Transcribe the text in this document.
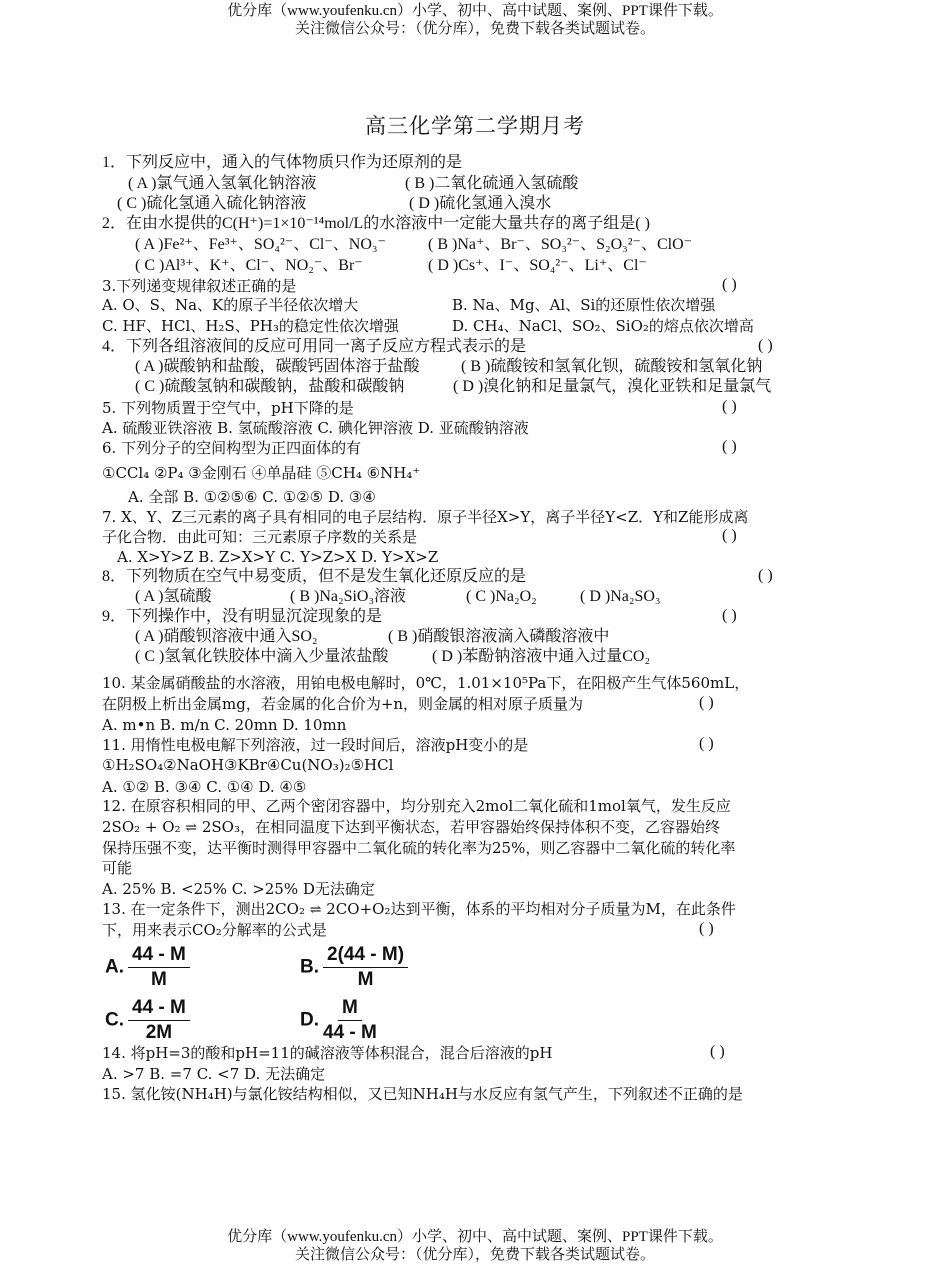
优分库（www.youfenku.cn）小学、初中、高中试题、案例、PPT课件下载。
关注微信公众号：（优分库），免费下载各类试题试卷。
高三化学第二学期月考
1．下列反应中，通入的气体物质只作为还原剂的是
( A )氯气通入氢氧化钠溶液	( B )二氧化硫通入氢硫酸
( C )硫化氢通入硫化钠溶液	( D )硫化氢通入溴水
2．在由水提供的C(H⁺)=1×10⁻¹⁴mol/L的水溶液中一定能大量共存的离子组是( )
( A )Fe²⁺、Fe³⁺、SO₄²⁻、Cl⁻、NO₃⁻	( B )Na⁺、Br⁻、SO₃²⁻、S₂O₃²⁻、ClO⁻
( C )Al³⁺、K⁺、Cl⁻、NO₂⁻、Br⁻	( D )Cs⁺、I⁻、SO₄²⁻、Li⁺、Cl⁻
3.下列递变规律叙述正确的是	( )
A. O、S、Na、K的原子半径依次增大	B. Na、Mg、Al、Si的还原性依次增强
C. HF、HCl、H₂S、PH₃的稳定性依次增强	D. CH₄、NaCl、SO₂、SiO₂的熔点依次增高
4．下列各组溶液间的反应可用同一离子反应方程式表示的是	( )
( A )碳酸钠和盐酸，碳酸钙固体溶于盐酸	( B )硫酸铵和氢氧化钡，硫酸铵和氢氧化钠
( C )硫酸氢钠和碳酸钠，盐酸和碳酸钠	( D )溴化钠和足量氯气，溴化亚铁和足量氯气
5. 下列物质置于空气中，pH下降的是	( )
A. 硫酸亚铁溶液 B. 氢硫酸溶液 C. 碘化钾溶液 D. 亚硫酸钠溶液
6. 下列分子的空间构型为正四面体的有	( )
①CCl₄ ②P₄ ③金刚石 ④单晶硅 ⑤CH₄ ⑥NH₄⁺
A. 全部 B. ①②⑤⑥ C. ①②⑤ D. ③④
7. X、Y、Z三元素的离子具有相同的电子层结构．原子半径X>Y，离子半径Y<Z．Y和Z能形成离
子化合物．由此可知：三元素原子序数的关系是	( )
A. X>Y>Z B. Z>X>Y C. Y>Z>X D. Y>X>Z
8．下列物质在空气中易变质，但不是发生氧化还原反应的是	( )
( A )氢硫酸	( B )Na₂SiO₃溶液	( C )Na₂O₂	( D )Na₂SO₃
9．下列操作中，没有明显沉淀现象的是	( )
( A )硝酸钡溶液中通入SO₂	( B )硝酸银溶液滴入磷酸溶液中
( C )氢氧化铁胶体中滴入少量浓盐酸	( D )苯酚钠溶液中通入过量CO₂
10. 某金属硝酸盐的水溶液，用铂电极电解时，0℃，1.01×10⁵Pa下，在阳极产生气体560mL，
在阴极上析出金属mg，若金属的化合价为+n，则金属的相对原子质量为	( )
A. m•n B. m/n C. 20mn D. 10mn
11. 用惰性电极电解下列溶液，过一段时间后，溶液pH变小的是	( )
①H₂SO₄②NaOH③KBr④Cu(NO₃)₂⑤HCl
A. ①② B. ③④ C. ①④ D. ④⑤
12. 在原容积相同的甲、乙两个密闭容器中，均分别充入2mol二氧化硫和1mol氧气，发生反应
2SO₂ + O₂ ⇌ 2SO₃，在相同温度下达到平衡状态，若甲容器始终保持体积不变，乙容器始终
保持压强不变，达平衡时测得甲容器中二氧化硫的转化率为25%，则乙容器中二氧化硫的转化率
可能
A. 25% B. <25% C. >25% D无法确定
13. 在一定条件下，测出2CO₂ ⇌ 2CO+O₂达到平衡，体系的平均相对分子质量为M，在此条件
下，用来表示CO₂分解率的公式是	( )
A. $\frac{44 - M}{M}$	B. $\frac{2(44 - M)}{M}$
C. $\frac{44 - M}{2M}$	D. $\frac{M}{44 - M}$
14. 将pH=3的酸和pH=11的碱溶液等体积混合，混合后溶液的pH	( )
A. >7 B. =7 C. <7 D. 无法确定
15. 氢化铵(NH₄H)与氯化铵结构相似，又已知NH₄H与水反应有氢气产生，下列叙述不正确的是
优分库（www.youfenku.cn）小学、初中、高中试题、案例、PPT课件下载。
关注微信公众号：（优分库），免费下载各类试题试卷。
